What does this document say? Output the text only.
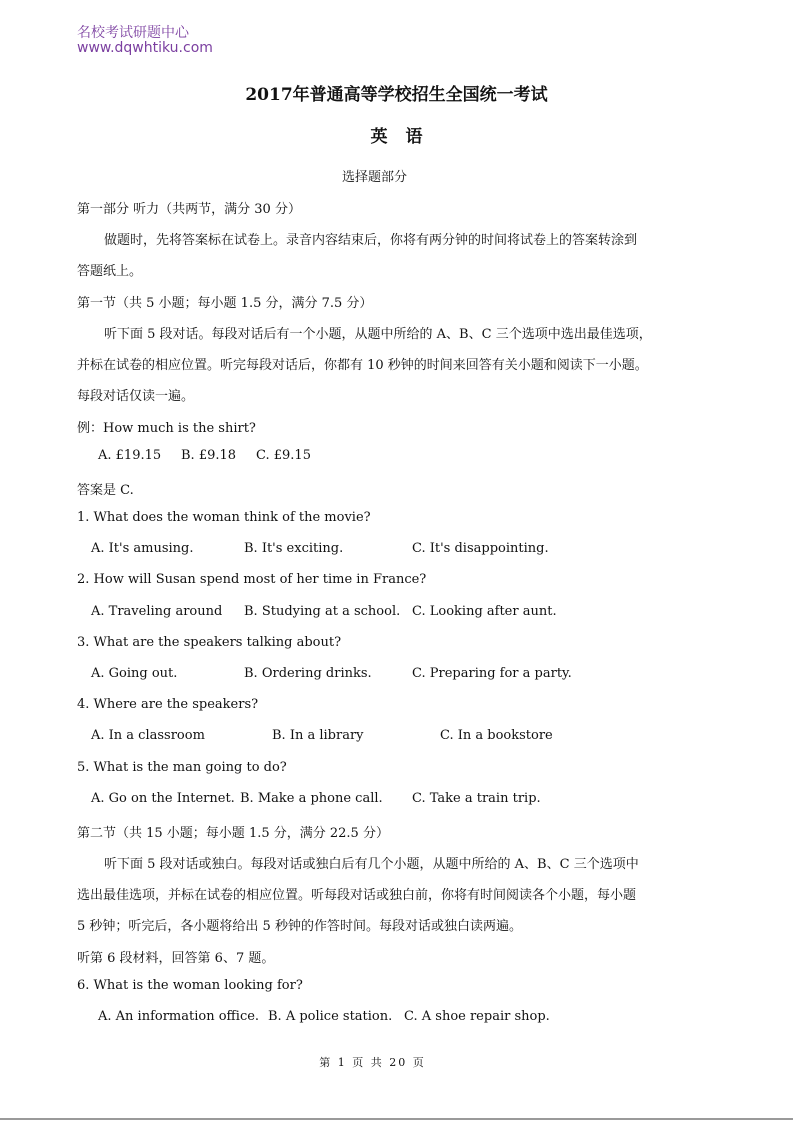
名校考试研题中心
www.dqwhtiku.com
2017年普通高等学校招生全国统一考试
英语
选择题部分
第一部分 听力（共两节，满分 30 分）
做题时，先将答案标在试卷上。录音内容结束后，你将有两分钟的时间将试卷上的答案转涂到
答题纸上。
第一节（共 5 小题；每小题 1.5 分，满分 7.5 分）
听下面 5 段对话。每段对话后有一个小题，从题中所给的 A、B、C 三个选项中选出最佳选项，
并标在试卷的相应位置。听完每段对话后，你都有 10 秒钟的时间来回答有关小题和阅读下一小题。
每段对话仅读一遍。
例：How much is the shirt?
A. £19.15 B. £9.18 C. £9.15
答案是 C.
1. What does the woman think of the movie?
A. It's amusing.	B. It's exciting.	C. It's disappointing.
2. How will Susan spend most of her time in France?
A. Traveling around B. Studying at a school. C. Looking after aunt.
3. What are the speakers talking about?
A. Going out.	B. Ordering drinks.	C. Preparing for a party.
4. Where are the speakers?
A. In a classroom	B. In a library	C. In a bookstore
5. What is the man going to do?
A. Go on the Internet. B. Make a phone call. C. Take a train trip.
第二节（共 15 小题；每小题 1.5 分，满分 22.5 分）
听下面 5 段对话或独白。每段对话或独白后有几个小题，从题中所给的 A、B、C 三个选项中
选出最佳选项，并标在试卷的相应位置。听每段对话或独白前，你将有时间阅读各个小题，每小题
5 秒钟；听完后，各小题将给出 5 秒钟的作答时间。每段对话或独白读两遍。
听第 6 段材料，回答第 6、7 题。
6. What is the woman looking for?
A. An information office. B. A police station. C. A shoe repair shop.
第 1 页 共 20 页
